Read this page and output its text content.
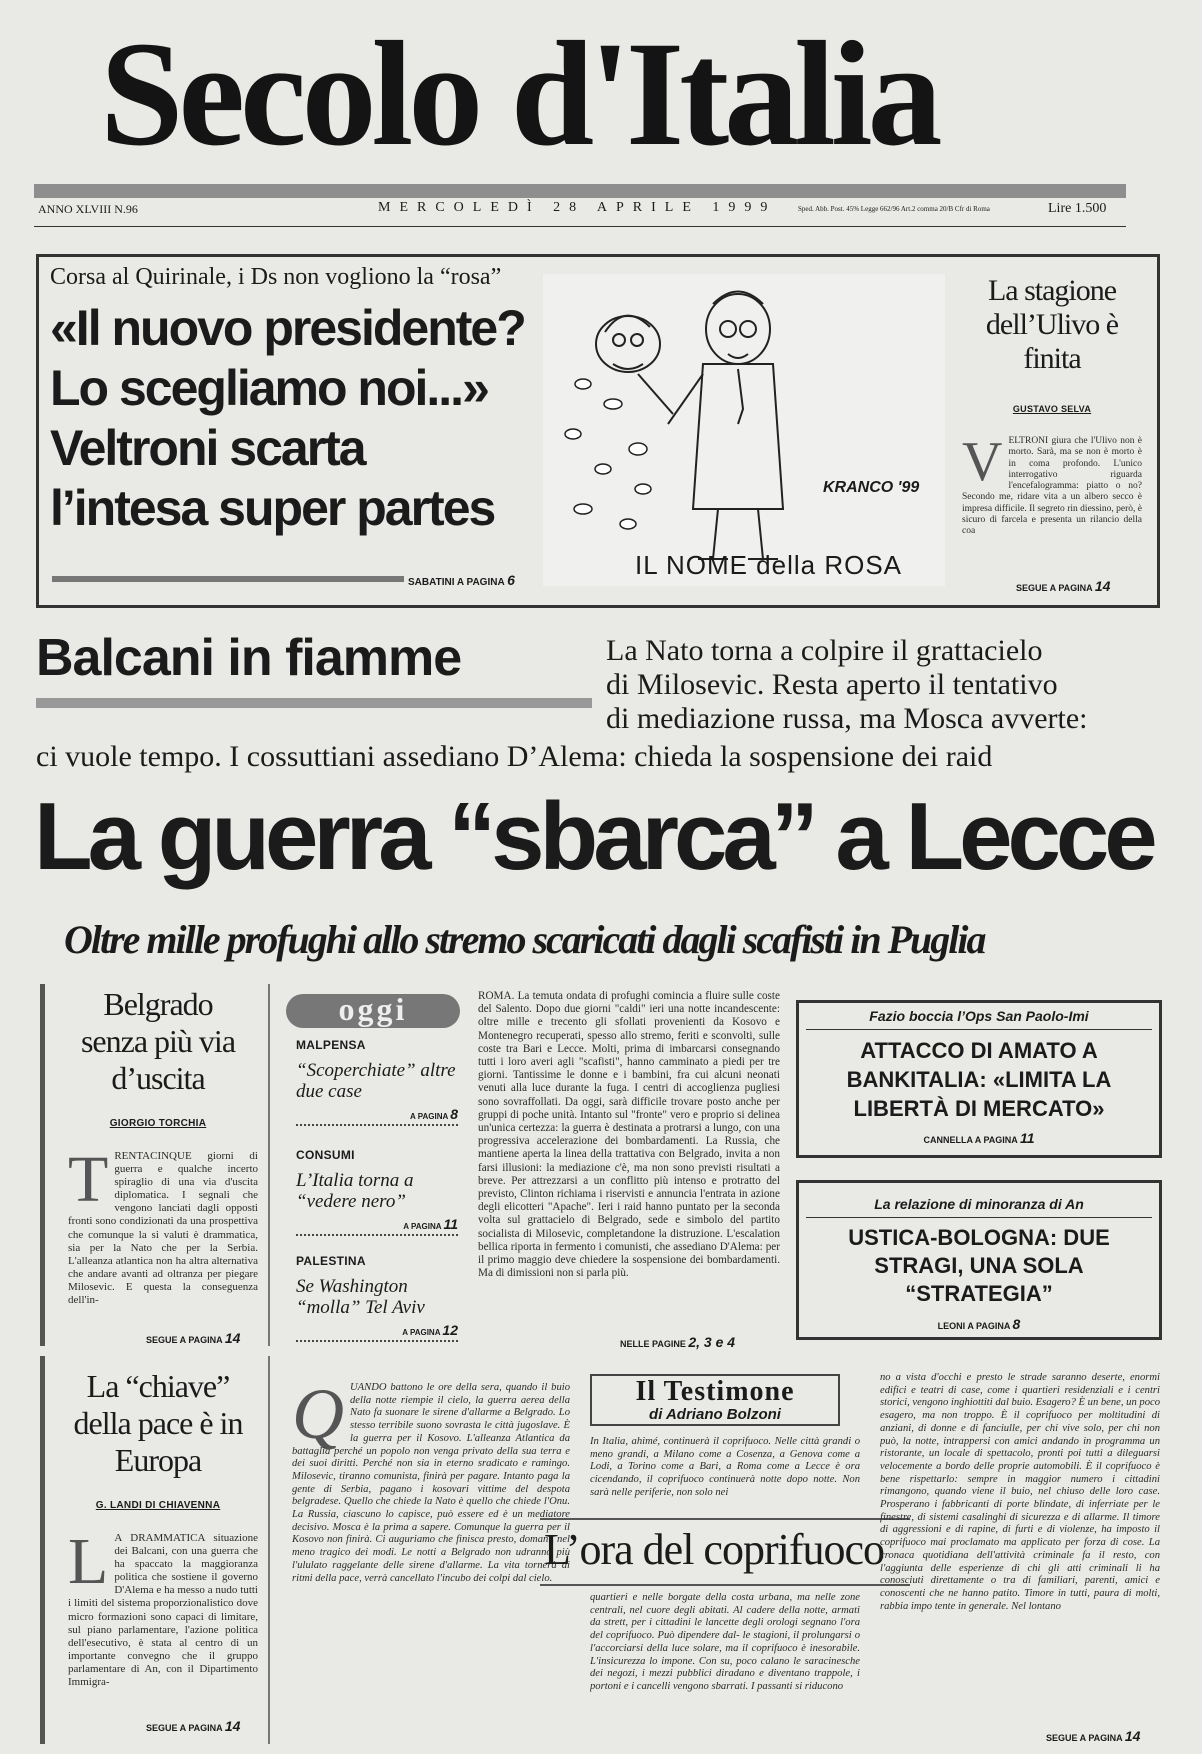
Secolo d'Italia
ANNO XLVIII N.96	MERCOLEDÌ 28 APRILE 1999	Sped. Abb. Post. 45% Legge 662/96 Art.2 comma 20/B Cfr di Roma	Lire 1.500
Corsa al Quirinale, i Ds non vogliono la “rosa”
«Il nuovo presidente?
Lo scegliamo noi...»
Veltroni scarta
l’intesa super partes
SABATINI A PAGINA 6
KRANCO '99
IL NOME della ROSA
La stagione dell’Ulivo è finita
GUSTAVO SELVA
VELTRONI giura che l'Ulivo non è morto. Sarà, ma se non è morto è in coma profondo. L'unico interrogativo riguarda l'encefalogramma: piatto o no? Secondo me, ridare vita a un albero secco è impresa difficile. Il segreto rin diessino, però, è sicuro di farcela e presenta un rilancio della coa
SEGUE A PAGINA 14
Balcani in fiamme	La Nato torna a colpire il grattacielo
di Milosevic. Resta aperto il tentativo
di mediazione russa, ma Mosca avverte:
ci vuole tempo. I cossuttiani assediano D’Alema: chieda la sospensione dei raid
La guerra “sbarca” a Lecce
Oltre mille profughi allo stremo scaricati dagli scafisti in Puglia
Belgrado senza più via d’uscita
GIORGIO TORCHIA
TRENTACINQUE giorni di guerra e qualche incerto spiraglio di una via d'uscita diplomatica. I segnali che vengono lanciati dagli opposti fronti sono condizionati da una prospettiva che comunque la si valuti è drammatica, sia per la Nato che per la Serbia. L'alleanza atlantica non ha altra alternativa che andare avanti ad oltranza per piegare Milosevic. E questa la conseguenza dell'in-
SEGUE A PAGINA 14
La “chiave” della pace è in Europa
G. LANDI DI CHIAVENNA
L A DRAMMATICA situazione dei Balcani, con una guerra che ha spaccato la maggioranza politica che sostiene il governo D'Alema e ha messo a nudo tutti i limiti del sistema proporzionalistico dove micro formazioni sono capaci di limitare, sul piano parlamentare, l'azione politica dell'esecutivo, è stata al centro di un importante convegno che il gruppo parlamentare di An, con il Dipartimento Immigra-
SEGUE A PAGINA 14
oggi
MALPENSA
“Scoperchiate” altre due case
A PAGINA 8
CONSUMI
L’Italia torna a “vedere nero”
A PAGINA 11
PALESTINA
Se Washington “molla” Tel Aviv
A PAGINA 12
ROMA. La temuta ondata di profughi comincia a fluire sulle coste del Salento. Dopo due giorni "caldi" ieri una notte incandescente: oltre mille e trecento gli sfollati provenienti da Kosovo e Montenegro recuperati, spesso allo stremo, feriti e sconvolti, sulle coste tra Bari e Lecce. Molti, prima di imbarcarsi consegnando tutti i loro averi agli "scafisti", hanno camminato a piedi per tre giorni. Tantissime le donne e i bambini, fra cui alcuni neonati venuti alla luce durante la fuga. I centri di accoglienza pugliesi sono sovraffollati. Da oggi, sarà difficile trovare posto anche per gruppi di poche unità. Intanto sul "fronte" vero e proprio si delinea un'unica certezza: la guerra è destinata a protrarsi a lungo, con una progressiva accelerazione dei bombardamenti. La Russia, che mantiene aperta la linea della trattativa con Belgrado, invita a non farsi illusioni: la mediazione c'è, ma non sono previsti risultati a breve. Per attrezzarsi a un conflitto più intenso e protratto del previsto, Clinton richiama i riservisti e annuncia l'entrata in azione degli elicotteri "Apache". Ieri i raid hanno puntato per la seconda volta sul grattacielo di Belgrado, sede e simbolo del partito socialista di Milosevic, completandone la distruzione. L'escalation bellica riporta in fermento i comunisti, che assediano D'Alema: per il primo maggio deve chiedere la sospensione dei bombardamenti. Ma di dimissioni non si parla più.
NELLE PAGINE 2, 3 e 4
Fazio boccia l’Ops San Paolo-Imi
ATTACCO DI AMATO A BANKITALIA: «LIMITA LA LIBERTÀ DI MERCATO»
CANNELLA A PAGINA 11
La relazione di minoranza di An
USTICA-BOLOGNA: DUE STRAGI, UNA SOLA “STRATEGIA”
LEONI A PAGINA 8
Il Testimone
di Adriano Bolzoni
QUANDO battono le ore della sera, quando il buio della notte riempie il cielo, la guerra aerea della Nato fa suonare le sirene d'allarme a Belgrado. Lo stesso terribile suono sovrasta le città jugoslave. È la guerra per il Kosovo. L'alleanza Atlantica da battaglia perché un popolo non venga privato della sua terra e dei suoi diritti. Perché non sia in eterno sradicato e ramingo. Milosevic, tiranno comunista, finirà per pagare. Intanto paga la gente di Serbia, pagano i kosovari vittime del despota belgradese. Quello che chiede la Nato è quello che chiede l'Onu. La Russia, ciascuno lo capisce, può essere ed è un mediatore decisivo. Mosca è la prima a sapere. Comunque la guerra per il Kosovo non finirà. Ci auguriamo che finisca presto, domani, nel meno tragico dei modi. Le notti a Belgrado non udranno più l'ululato raggelante delle sirene d'allarme. La vita tornerà ai ritmi della pace, verrà cancellato l'incubo dei colpi dal cielo.
In Italia, ahimé, continuerà il coprifuoco. Nelle città grandi o meno grandi, a Milano come a Cosenza, a Genova come a Lodi, a Torino come a Bari, a Roma come a Lecce è ora cicendando, il coprifuoco continuerà notte dopo notte. Non sarà nelle periferie, non solo nei
L’ora del coprifuoco
quartieri e nelle borgate della costa urbana, ma nelle zone centrali, nel cuore degli abitati. Al cadere della notte, armati da strett, per i cittadini le lancette degli orologi segnano l'ora del coprifuoco. Può dipendere dal- le stagioni, il prolungarsi o l'accorciarsi della luce solare, ma il coprifuoco è inesorabile. L'insicurezza lo impone. Con su, poco calano le saracinesche dei negozi, i mezzi pubblici diradano e diventano trappole, i portoni e i cancelli vengono sbarrati. I passanti si riducono
no a vista d'occhi e presto le strade saranno deserte, enormi edifici e teatri di case, come i quartieri residenziali e i centri storici, vengono inghiottiti dal buio. Esagero? È un bene, un poco esagero, ma non troppo. È il coprifuoco per moltitudini di anziani, di donne e di fanciulle, per chi vive solo, per chi non può, la notte, intrappersi con amici andando in programma un ristorante, un locale di spettacolo, pronti poi tutti a dileguarsi velocemente a bordo delle proprie automobili. È il coprifuoco è bene rispettarlo: sempre in maggior numero i cittadini rimangono, quando viene il buio, nel chiuso delle loro case. Prosperano i fabbricanti di porte blindate, di inferriate per le finestre, di sistemi casalinghi di sicurezza e di allarme. Il timore di aggressioni e di rapine, di furti e di violenze, ha imposto il coprifuoco mai proclamato ma applicato per forza di cose. La cronaca quotidiana dell'attività criminale fa il resto, con l'aggiunta delle esperienze di chi gli atti criminali li ha conosciuti direttamente o tra di familiari, parenti, amici e conoscenti che ne hanno patito. Timore in tutti, paura di molti, rabbia impo tente in generale. Nel lontano
SEGUE A PAGINA 14
